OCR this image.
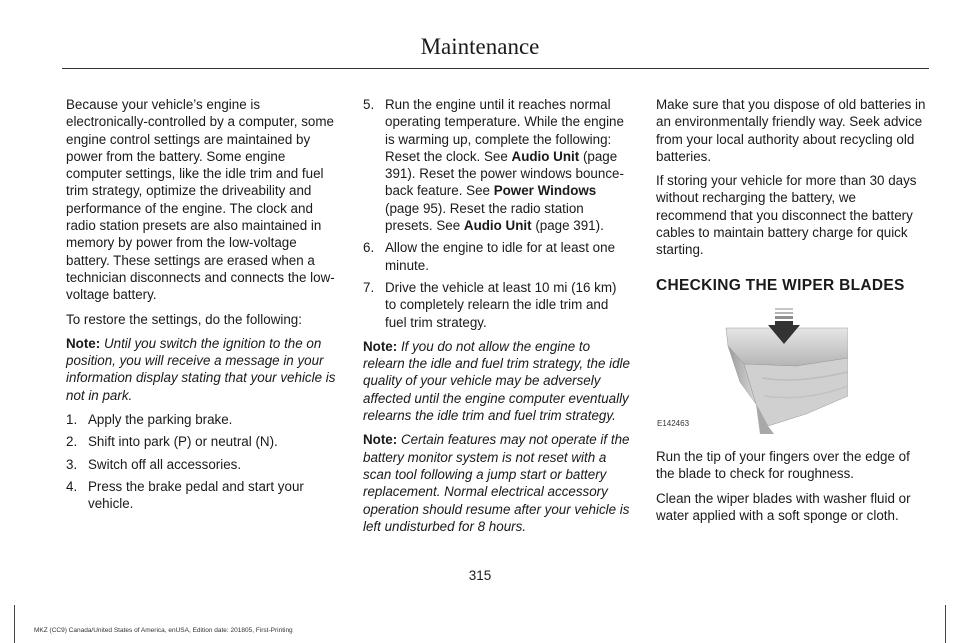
Maintenance

Because your vehicle’s engine is electronically-controlled by a computer, some engine control settings are maintained by power from the battery. Some engine computer settings, like the idle trim and fuel trim strategy, optimize the driveability and performance of the engine. The clock and radio station presets are also maintained in memory by power from the low-voltage battery. These settings are erased when a technician disconnects and connects the low-voltage battery.

To restore the settings, do the following:

Note: Until you switch the ignition to the on position, you will receive a message in your information display stating that your vehicle is not in park.

1. Apply the parking brake.
2. Shift into park (P) or neutral (N).
3. Switch off all accessories.
4. Press the brake pedal and start your vehicle.
5. Run the engine until it reaches normal operating temperature. While the engine is warming up, complete the following: Reset the clock. See Audio Unit (page 391). Reset the power windows bounce-back feature. See Power Windows (page 95). Reset the radio station presets. See Audio Unit (page 391).
6. Allow the engine to idle for at least one minute.
7. Drive the vehicle at least 10 mi (16 km) to completely relearn the idle trim and fuel trim strategy.

Note: If you do not allow the engine to relearn the idle and fuel trim strategy, the idle quality of your vehicle may be adversely affected until the engine computer eventually relearns the idle trim and fuel trim strategy.

Note: Certain features may not operate if the battery monitor system is not reset with a scan tool following a jump start or battery replacement. Normal electrical accessory operation should resume after your vehicle is left undisturbed for 8 hours.

Make sure that you dispose of old batteries in an environmentally friendly way. Seek advice from your local authority about recycling old batteries.

If storing your vehicle for more than 30 days without recharging the battery, we recommend that you disconnect the battery cables to maintain battery charge for quick starting.

CHECKING THE WIPER BLADES
E142463

Run the tip of your fingers over the edge of the blade to check for roughness.

Clean the wiper blades with washer fluid or water applied with a soft sponge or cloth.

315
MKZ (CC9) Canada/United States of America, enUSA, Edition date: 201805, First-Printing
